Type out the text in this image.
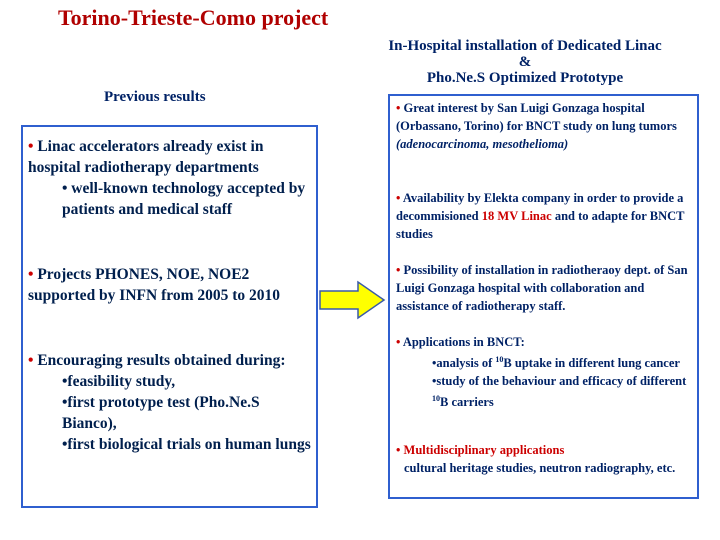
Torino-Trieste-Como project
In-Hospital installation of Dedicated Linac
&
Pho.Ne.S Optimized Prototype
Previous results
• Linac accelerators already exist in hospital radiotherapy departments
• well-known technology accepted by patients and medical staff
• Projects PHONES, NOE, NOE2 supported by INFN from 2005 to 2010
• Encouraging results obtained during:
•feasibility study,
•first prototype test (Pho.Ne.S Bianco),
•first biological trials on human lungs
• Great interest by San Luigi Gonzaga hospital (Orbassano, Torino) for BNCT study on lung tumors
(adenocarcinoma, mesothelioma)
• Availability by Elekta company in order to provide a decommisioned 18 MV Linac and to adapte for BNCT studies
• Possibility of installation in radiotheraoy dept. of San Luigi Gonzaga hospital with collaboration and assistance of radiotherapy staff.
• Applications in BNCT:
•analysis of $^{10}$B uptake in different lung cancer
•study of the behaviour and efficacy of different $^{10}$B carriers
• Multidisciplinary applications
cultural heritage studies, neutron radiography, etc.
